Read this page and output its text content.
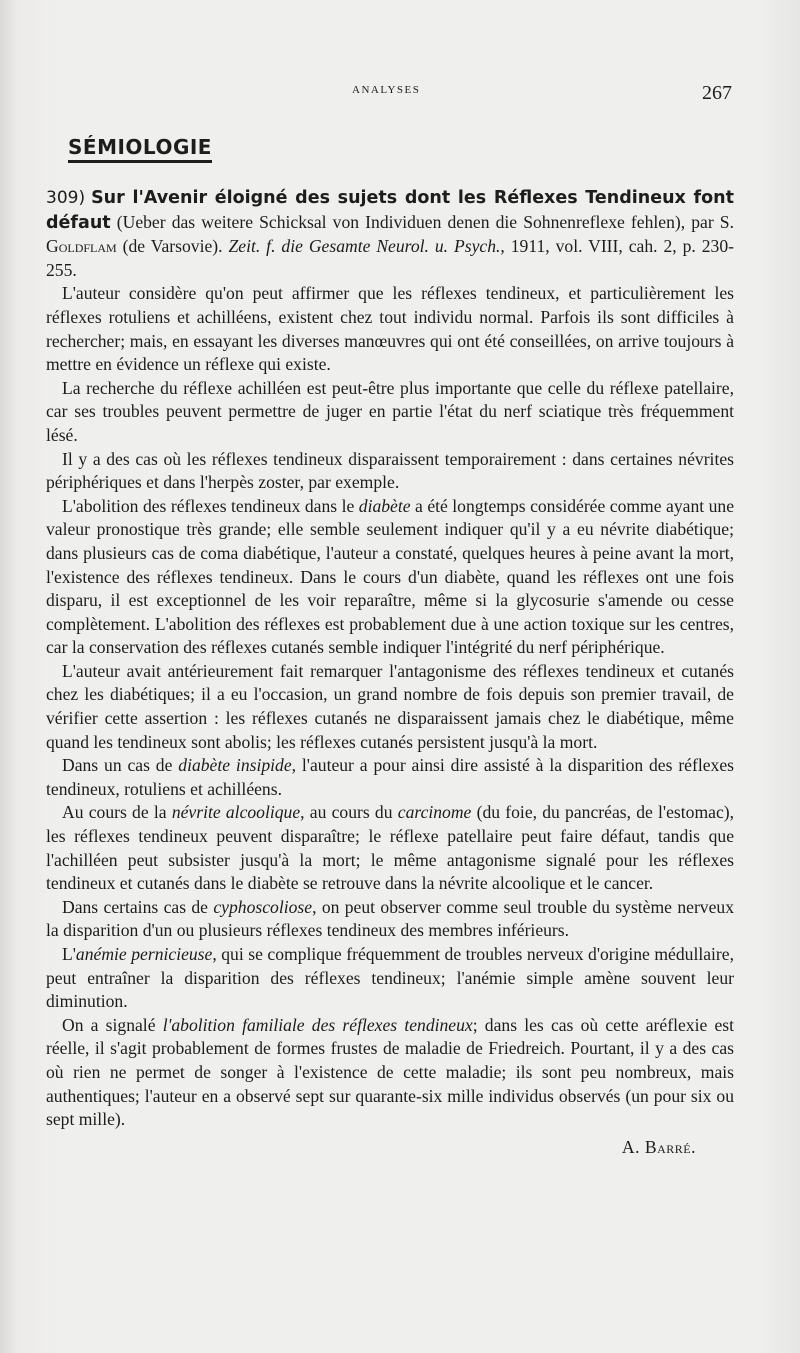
ANALYSES	267
SÉMIOLOGIE

309) Sur l'Avenir éloigné des sujets dont les Réflexes Tendineux font défaut (Ueber das weitere Schicksal von Individuen denen die Sohnenreflexe fehlen), par S. Goldflam (de Varsovie). Zeit. f. die Gesamte Neurol. u. Psych., 1911, vol. VIII, cah. 2, p. 230-255.

L'auteur considère qu'on peut affirmer que les réflexes tendineux, et particulièrement les réflexes rotuliens et achilléens, existent chez tout individu normal. Parfois ils sont difficiles à rechercher; mais, en essayant les diverses manœuvres qui ont été conseillées, on arrive toujours à mettre en évidence un réflexe qui existe.

La recherche du réflexe achilléen est peut-être plus importante que celle du réflexe patellaire, car ses troubles peuvent permettre de juger en partie l'état du nerf sciatique très fréquemment lésé.

Il y a des cas où les réflexes tendineux disparaissent temporairement : dans certaines névrites périphériques et dans l'herpès zoster, par exemple.

L'abolition des réflexes tendineux dans le diabète a été longtemps considérée comme ayant une valeur pronostique très grande; elle semble seulement indiquer qu'il y a eu névrite diabétique; dans plusieurs cas de coma diabétique, l'auteur a constaté, quelques heures à peine avant la mort, l'existence des réflexes tendineux. Dans le cours d'un diabète, quand les réflexes ont une fois disparu, il est exceptionnel de les voir reparaître, même si la glycosurie s'amende ou cesse complètement. L'abolition des réflexes est probablement due à une action toxique sur les centres, car la conservation des réflexes cutanés semble indiquer l'intégrité du nerf périphérique.

L'auteur avait antérieurement fait remarquer l'antagonisme des réflexes tendineux et cutanés chez les diabétiques; il a eu l'occasion, un grand nombre de fois depuis son premier travail, de vérifier cette assertion : les réflexes cutanés ne disparaissent jamais chez le diabétique, même quand les tendineux sont abolis; les réflexes cutanés persistent jusqu'à la mort.

Dans un cas de diabète insipide, l'auteur a pour ainsi dire assisté à la disparition des réflexes tendineux, rotuliens et achilléens.

Au cours de la névrite alcoolique, au cours du carcinome (du foie, du pancréas, de l'estomac), les réflexes tendineux peuvent disparaître; le réflexe patellaire peut faire défaut, tandis que l'achilléen peut subsister jusqu'à la mort; le même antagonisme signalé pour les réflexes tendineux et cutanés dans le diabète se retrouve dans la névrite alcoolique et le cancer.

Dans certains cas de cyphoscoliose, on peut observer comme seul trouble du système nerveux la disparition d'un ou plusieurs réflexes tendineux des membres inférieurs.

L'anémie pernicieuse, qui se complique fréquemment de troubles nerveux d'origine médullaire, peut entraîner la disparition des réflexes tendineux; l'anémie simple amène souvent leur diminution.

On a signalé l'abolition familiale des réflexes tendineux; dans les cas où cette aréflexie est réelle, il s'agit probablement de formes frustes de maladie de Friedreich. Pourtant, il y a des cas où rien ne permet de songer à l'existence de cette maladie; ils sont peu nombreux, mais authentiques; l'auteur en a observé sept sur quarante-six mille individus observés (un pour six ou sept mille).

A. Barré.
